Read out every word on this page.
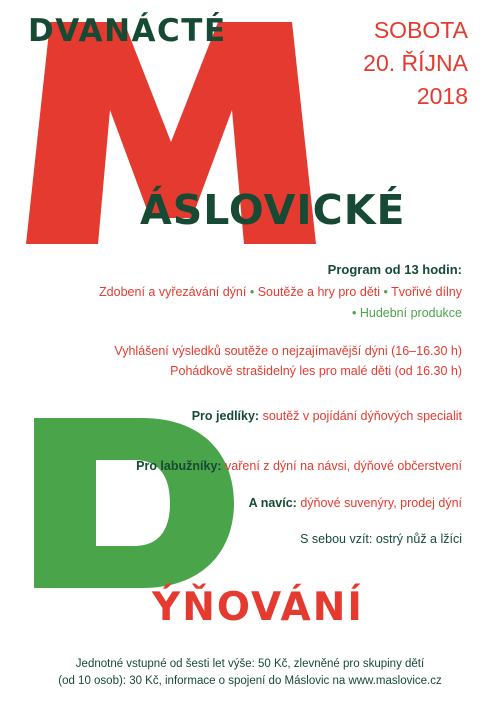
DVANÁCTÉ
ÁSLOVICKÉ
ÝŇOVÁNÍ
SOBOTA
20. ŘÍJNA
2018
Program od 13 hodin:
Zdobení a vyřezávání dýní • Soutěže a hry pro děti • Tvořivé dílny
• Hudební produkce
Vyhlášení výsledků soutěže o nejzajímavější dýni (16–16.30 h)
Pohádkově strašidelný les pro malé děti (od 16.30 h)
Pro jedlíky: soutěž v pojídání dýňových specialit
Pro labužníky: vaření z dýní na návsi, dýňové občerstvení
A navíc: dýňové suvenýry, prodej dýní
S sebou vzít: ostrý nůž a lžíci
Jednotné vstupné od šesti let výše: 50 Kč, zlevněné pro skupiny dětí
(od 10 osob): 30 Kč, informace o spojení do Máslovic na www.maslovice.cz
